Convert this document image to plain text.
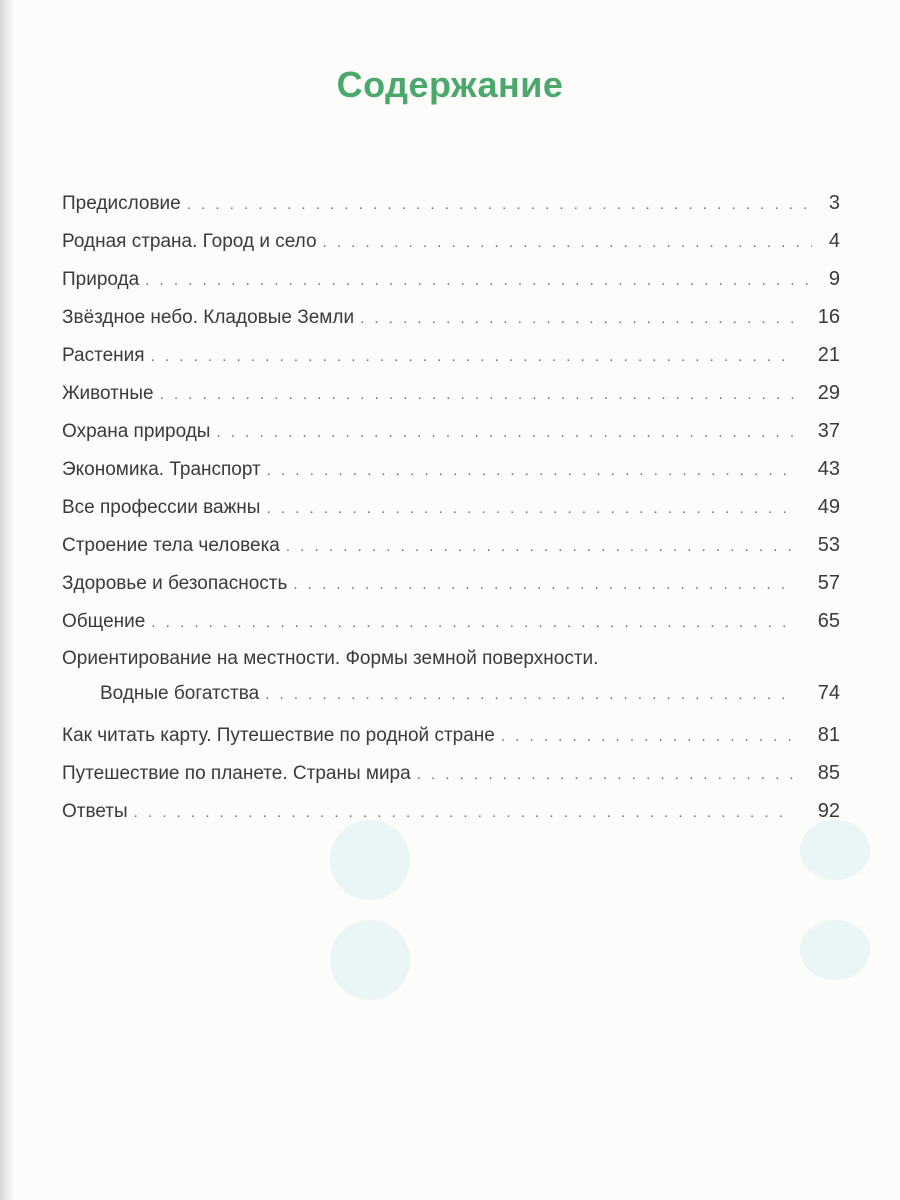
Содержание
Предисловие . . .	3
Родная страна. Город и село . . .	4
Природа . . .	9
Звёздное небо. Кладовые Земли . . .	16
Растения . . .	21
Животные . . .	29
Охрана природы . . .	37
Экономика. Транспорт . . .	43
Все профессии важны . . .	49
Строение тела человека . . .	53
Здоровье и безопасность . . .	57
Общение . . .	65
Ориентирование на местности. Формы земной поверхности.
Водные богатства . . .	74
Как читать карту. Путешествие по родной стране . . .	81
Путешествие по планете. Страны мира . . .	85
Ответы . . .	92
